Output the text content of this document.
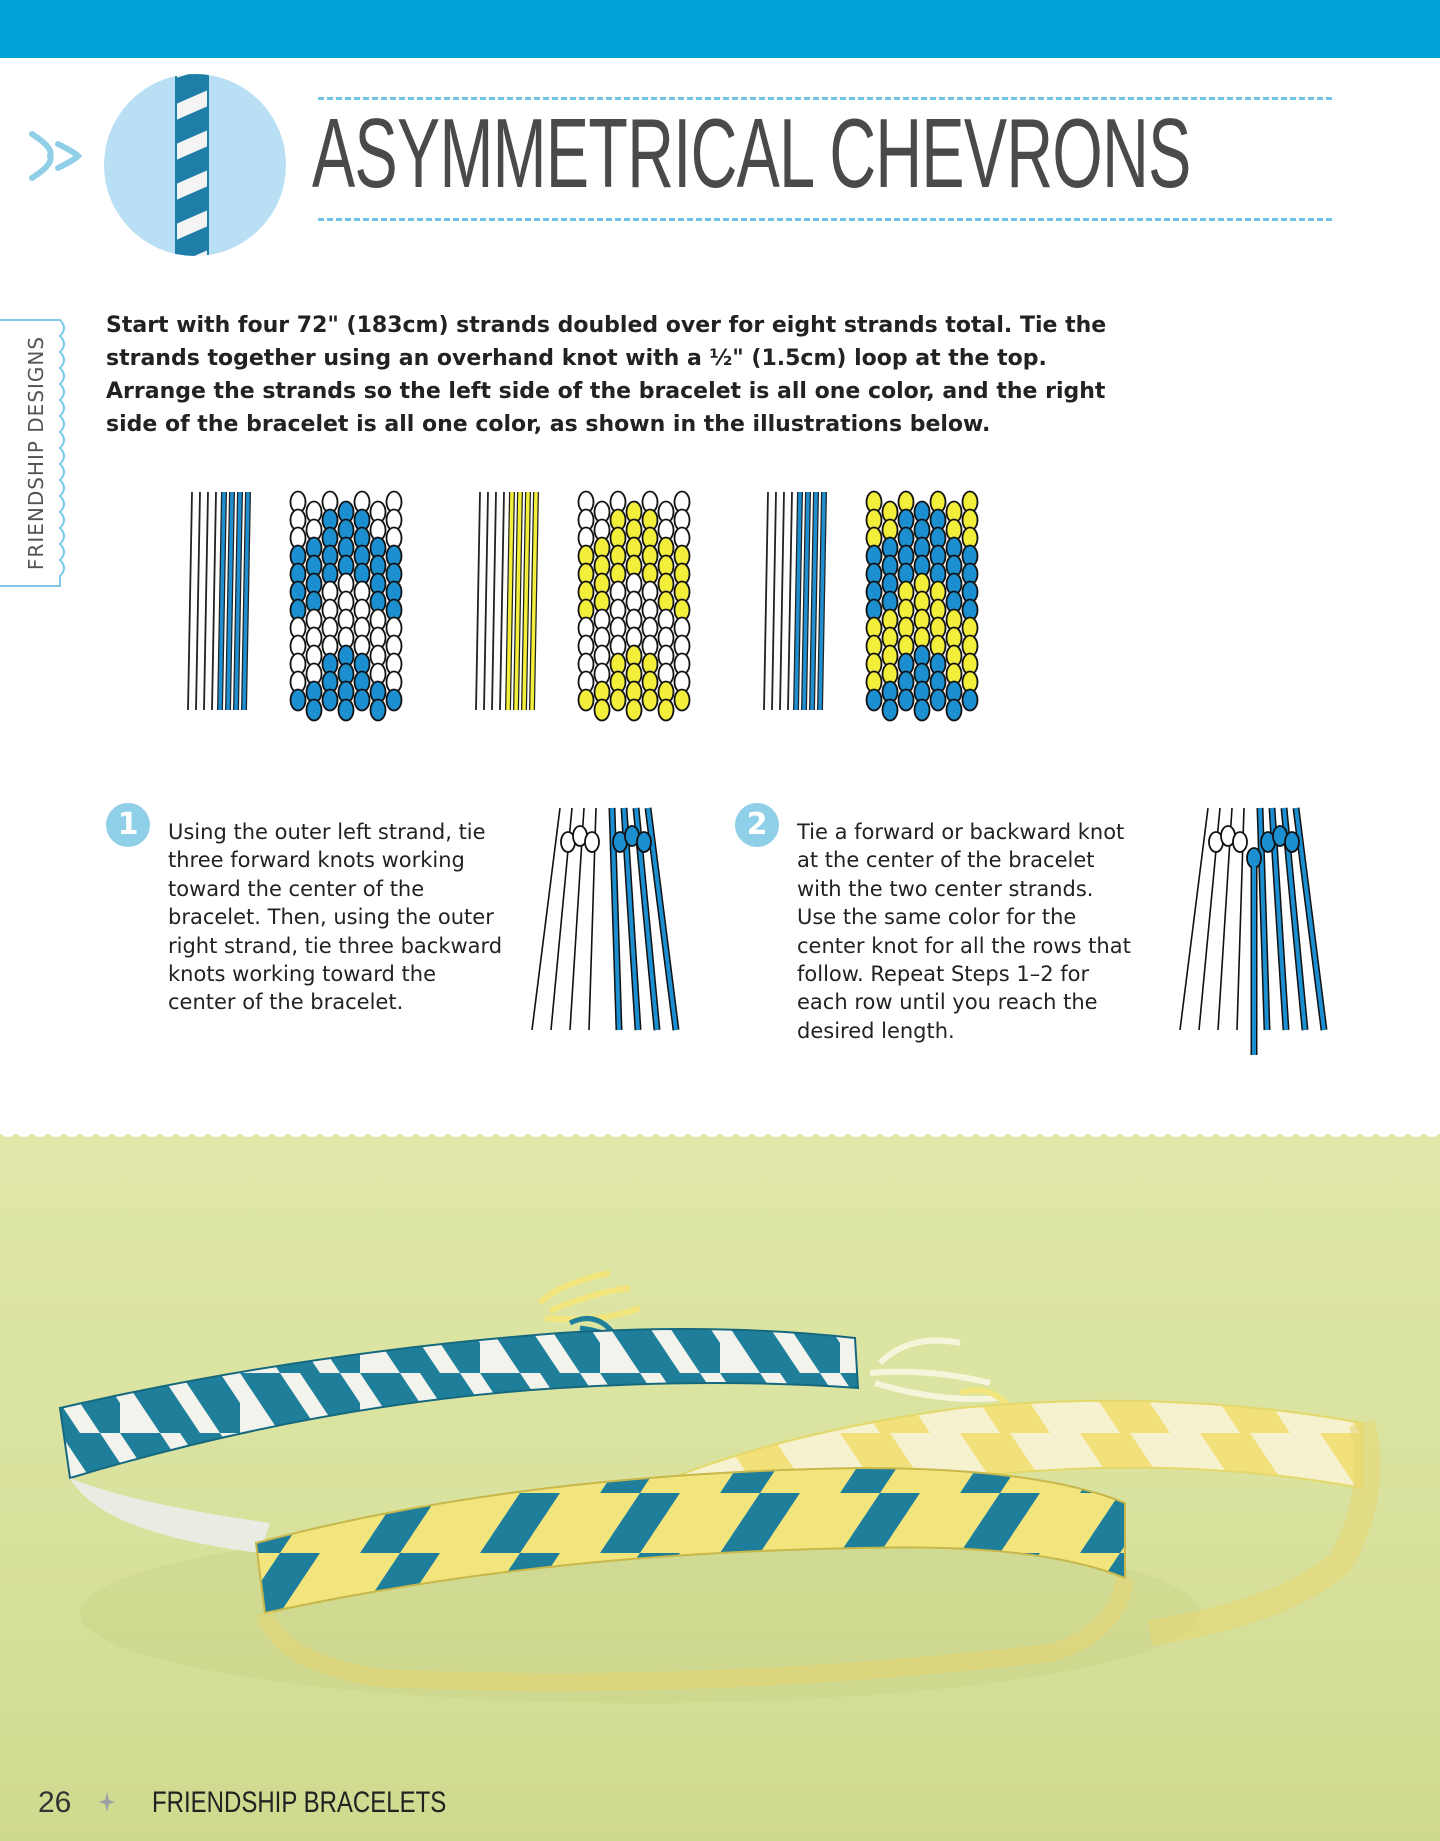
FRIENDSHIP DESIGNS
ASYMMETRICAL CHEVRONS
Start with four 72" (183cm) strands doubled over for eight strands total. Tie the strands together using an overhand knot with a ½" (1.5cm) loop at the top. Arrange the strands so the left side of the bracelet is all one color, and the right side of the bracelet is all one color, as shown in the illustrations below.
1	Using the outer left strand, tie three forward knots working toward the center of the bracelet. Then, using the outer right strand, tie three backward knots working toward the center of the bracelet.
2	Tie a forward or backward knot at the center of the bracelet with the two center strands. Use the same color for the center knot for all the rows that follow. Repeat Steps 1–2 for each row until you reach the desired length.
26	FRIENDSHIP BRACELETS
